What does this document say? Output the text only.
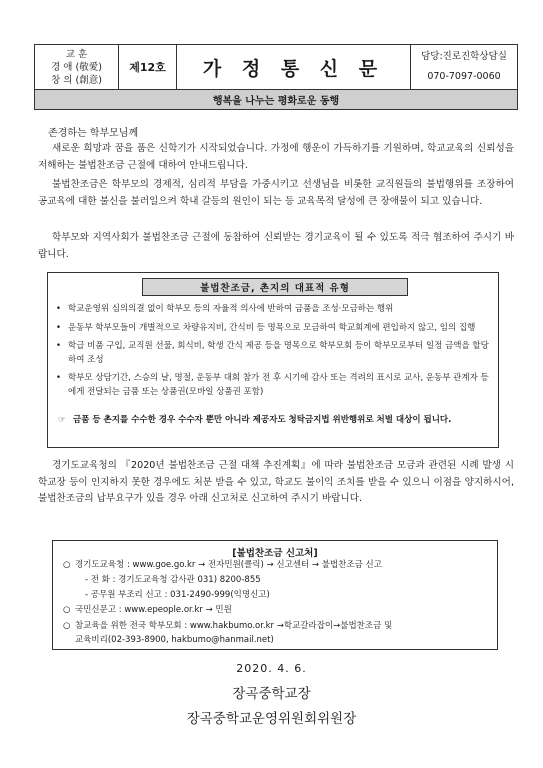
교 훈
경 애 (敬愛)
창 의 (創意)
제12호	가 정 통 신 문
담당:진로진학상담실
070-7097-0060
행복을 나누는 평화로운 동행
존경하는 학부모님께

새로운 희망과 꿈을 품은 신학기가 시작되었습니다. 가정에 행운이 가득하기를 기원하며, 학교교육의 신뢰성을 저해하는 불법찬조금 근절에 대하여 안내드립니다.

불법찬조금은 학부모의 경제적, 심리적 부담을 가중시키고 선생님을 비롯한 교직원들의 불법행위를 조장하여 공교육에 대한 불신을 불러일으켜 학내 갈등의 원인이 되는 등 교육목적 달성에 큰 장애물이 되고 있습니다.

학부모와 지역사회가 불법찬조금 근절에 동참하여 신뢰받는 경기교육이 될 수 있도록 적극 협조하여 주시기 바랍니다.

불법찬조금, 촌지의 대표적 유형
• 학교운영위 심의의결 없이 학부모 등의 자율적 의사에 반하여 금품을 조성·모금하는 행위
• 운동부 학부모들이 개별적으로 차량유지비, 간식비 등 명목으로 모금하여 학교회계에 편입하지 않고, 임의 집행
• 학급 비품 구입, 교직원 선물, 회식비, 학생 간식 제공 등을 명목으로 학부모회 등이 학부모로부터 일정 금액을 할당하여 조성
• 학부모 상담기간, 스승의 날, 명절, 운동부 대회 참가 전 후 시기에 감사 또는 격려의 표시로 교사, 운동부 관계자 등에게 전달되는 금품 또는 상품권(모바일 상품권 포함)
☞ 금품 등 촌지를 수수한 경우 수수자 뿐만 아니라 제공자도 청탁금지법 위반행위로 처벌 대상이 됩니다.

경기도교육청의 『2020년 불법찬조금 근절 대책 추진계획』에 따라 불법찬조금 모금과 관련된 시례 발생 시 학교장 등이 인지하지 못한 경우에도 처분 받을 수 있고, 학교도 불이익 조치를 받을 수 있으니 이점을 양지하시어, 불법찬조금의 납부요구가 있을 경우 아래 신고처로 신고하여 주시기 바랍니다.

[불법찬조금 신고처]
○ 경기도교육청 : www.goe.go.kr → 전자민원(클릭) → 신고센터 → 불법찬조금 신고
- 전 화 : 경기도교육청 감사관 031) 8200-855
- 공무원 부조리 신고 : 031-2490-999(익명신고)
○ 국민신문고 : www.epeople.or.kr → 민원
○ 참교육을 위한 전국 학부모회 : www.hakbumo.or.kr →학교갈라잡이→불법찬조금 및
교육비리(02-393-8900, hakbumo@hanmail.net)
2020. 4. 6.
장곡중학교장
장곡중학교운영위원회위원장
